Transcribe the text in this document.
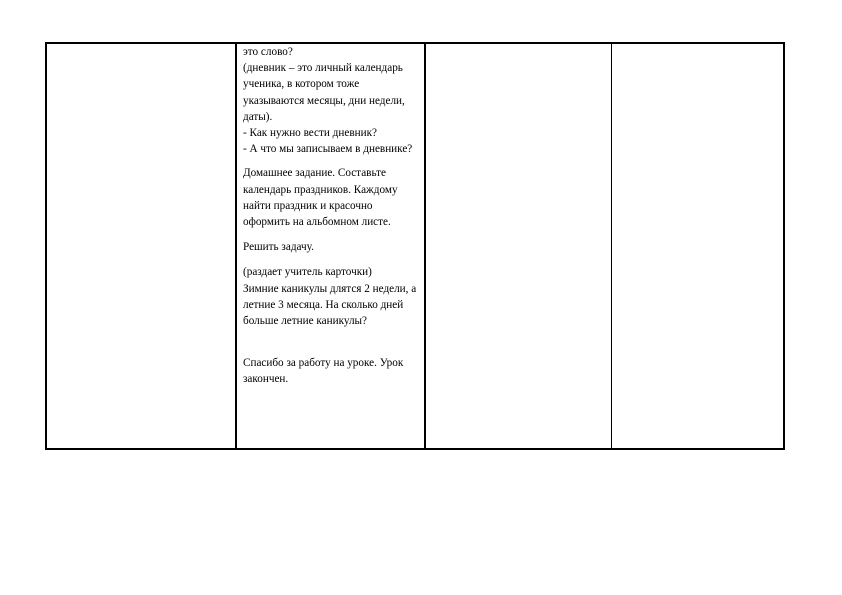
это слово?
(дневник – это личный календарь ученика, в котором тоже указываются месяцы, дни недели, даты).
- Как нужно вести дневник?
- А что мы записываем в дневнике?

Домашнее задание. Составьте календарь праздников. Каждому найти праздник и красочно оформить на альбомном листе.

Решить задачу.

(раздает учитель карточки)
Зимние каникулы длятся 2 недели, а летние 3 месяца. На сколько дней больше летние каникулы?

Спасибо за работу на уроке. Урок закончен.
